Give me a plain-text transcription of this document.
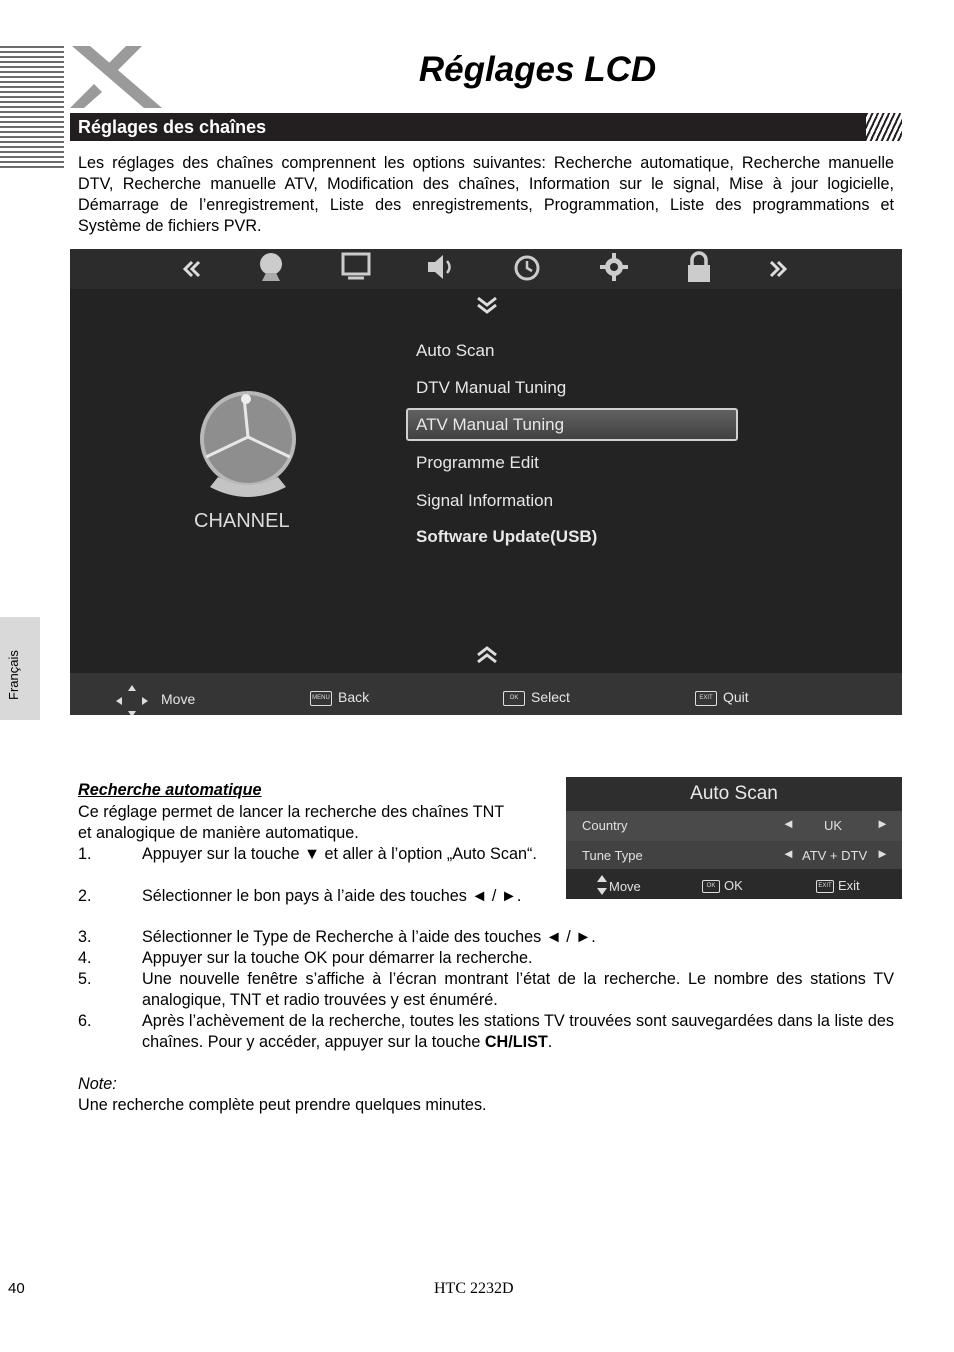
Réglages LCD
Réglages des chaînes
Les réglages des chaînes comprennent les options suivantes: Recherche automatique, Recherche manuelle DTV, Recherche manuelle ATV, Modification des chaînes, Information sur le signal, Mise à jour logicielle, Démarrage de l’enregistrement, Liste des enregistrements, Programmation, Liste des programmations et Système de fichiers PVR.
Français
CHANNEL
Auto Scan
DTV Manual Tuning
ATV Manual Tuning
Programme Edit
Signal Information
Software Update(USB)
Move	MENU Back	OK Select	EXIT Quit
Auto Scan
Country	◄ UK	►
Tune Type	◄ ATV + DTV ►
Move	OK OK	EXIT Exit
Recherche automatique
Ce réglage permet de lancer la recherche des chaînes TNT
et analogique de manière automatique.
1.	Appuyer sur la touche ▼ et aller à l’option „Auto Scan“.
2.	Sélectionner le bon pays à l’aide des touches ◄ / ►.
3.	Sélectionner le Type de Recherche à l’aide des touches ◄ / ►.
4.	Appuyer sur la touche OK pour démarrer la recherche.
5.	Une nouvelle fenêtre s’affiche à l’écran montrant l’état de la recherche. Le nombre des stations TV analogique, TNT et radio trouvées y est énuméré.
6.	Après l’achèvement de la recherche, toutes les stations TV trouvées sont sauvegardées dans la liste des chaînes. Pour y accéder, appuyer sur la touche CH/LIST.
Note:
Une recherche complète peut prendre quelques minutes.
40	HTC 2232D
